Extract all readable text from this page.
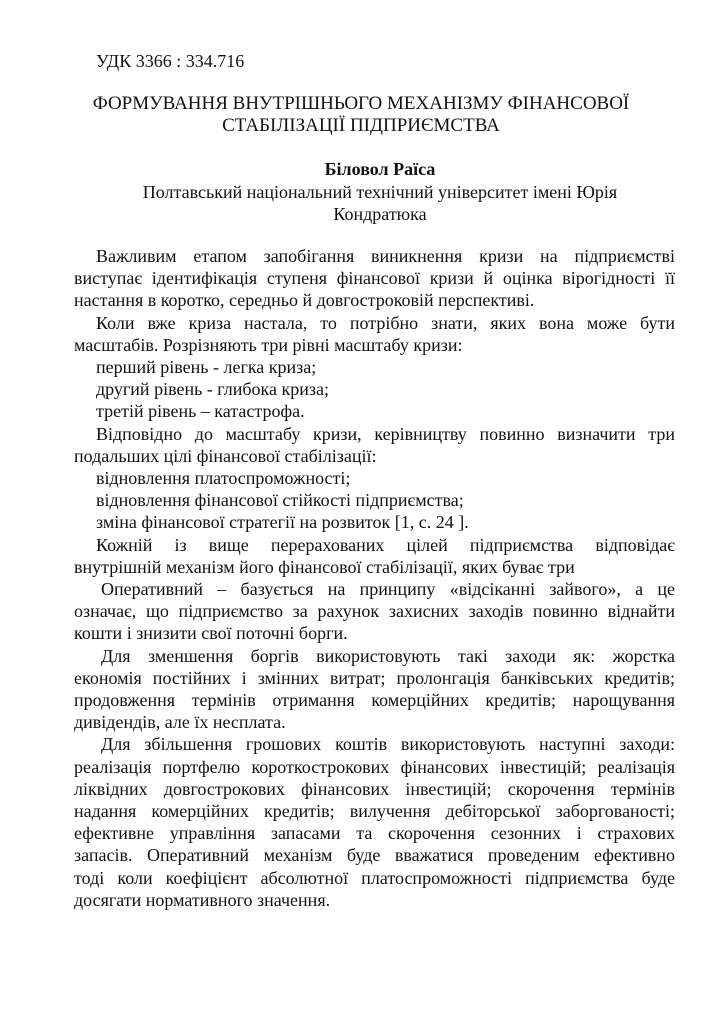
УДК 3366 : 334.716
ФОРМУВАННЯ ВНУТРІШНЬОГО МЕХАНІЗМУ ФІНАНСОВОЇ
СТАБІЛІЗАЦІЇ ПІДПРИЄМСТВА
Біловол Раїса
Полтавський національний технічний університет імені Юрія
Кондратюка
Важливим етапом запобігання виникнення кризи на підприємстві
виступає ідентифікація ступеня фінансової кризи й оцінка вірогідності її
настання в коротко, середньо й довгостроковій перспективі.
Коли вже криза настала, то потрібно знати, яких вона може бути
масштабів. Розрізняють три рівні масштабу кризи:
перший рівень - легка криза;
другий рівень - глибока криза;
третій рівень – катастрофа.
Відповідно до масштабу кризи, керівництву повинно визначити три
подальших цілі фінансової стабілізації:
відновлення платоспроможності;
відновлення фінансової стійкості підприємства;
зміна фінансової стратегії на розвиток [1, с. 24 ].
Кожній із вище перерахованих цілей підприємства відповідає
внутрішній механізм його фінансової стабілізації, яких буває три
Оперативний – базується на принципу «відсіканні зайвого», а це
означає, що підприємство за рахунок захисних заходів повинно віднайти
кошти і знизити свої поточні борги.
Для зменшення боргів використовують такі заходи як: жорстка
економія постійних і змінних витрат; пролонгація банківських кредитів;
продовження термінів отримання комерційних кредитів; нарощування
дивідендів, але їх несплата.
Для збільшення грошових коштів використовують наступні заходи:
реалізація портфелю короткострокових фінансових інвестицій; реалізація
ліквідних довгострокових фінансових інвестицій; скорочення термінів
надання комерційних кредитів; вилучення дебіторської заборгованості;
ефективне управління запасами та скорочення сезонних і страхових
запасів. Оперативний механізм буде вважатися проведеним ефективно
тоді коли коефіцієнт абсолютної платоспроможності підприємства буде
досягати нормативного значення.
